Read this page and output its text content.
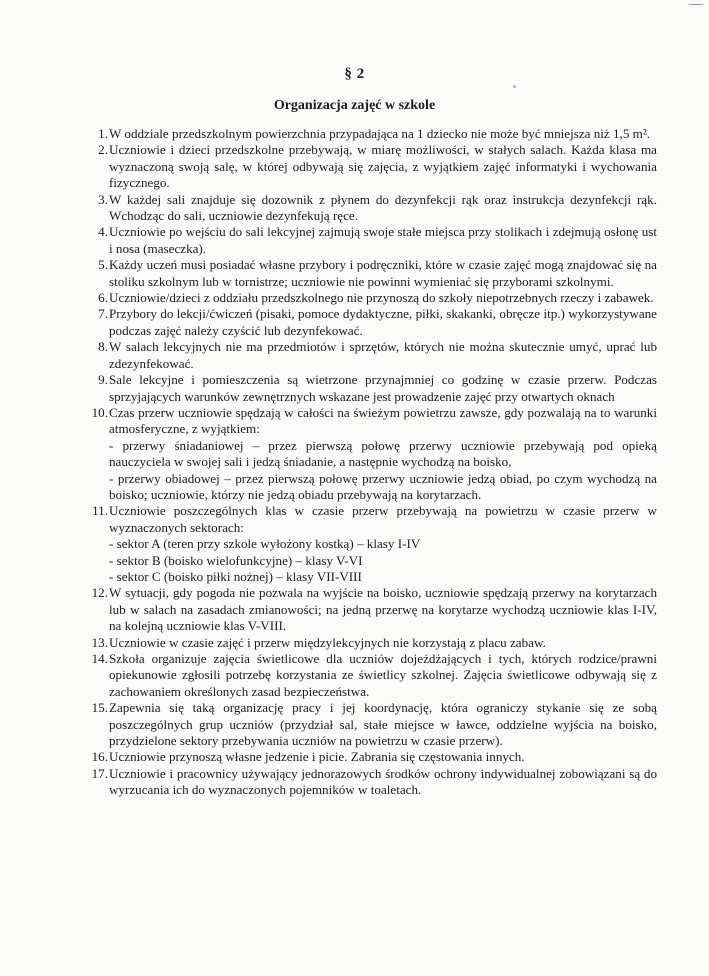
§ 2
Organizacja zajęć w szkole
1. W oddziale przedszkolnym powierzchnia przypadająca na 1 dziecko nie może być mniejsza niż 1,5 m².
2. Uczniowie i dzieci przedszkolne przebywają, w miarę możliwości, w stałych salach. Każda klasa ma wyznaczoną swoją salę, w której odbywają się zajęcia, z wyjątkiem zajęć informatyki i wychowania fizycznego.
3. W każdej sali znajduje się dozownik z płynem do dezynfekcji rąk oraz instrukcja dezynfekcji rąk. Wchodząc do sali, uczniowie dezynfekują ręce.
4. Uczniowie po wejściu do sali lekcyjnej zajmują swoje stałe miejsca przy stolikach i zdejmują osłonę ust i nosa (maseczka).
5. Każdy uczeń musi posiadać własne przybory i podręczniki, które w czasie zajęć mogą znajdować się na stoliku szkolnym lub w tornistrze; uczniowie nie powinni wymieniać się przyborami szkolnymi.
6. Uczniowie/dzieci z oddziału przedszkolnego nie przynoszą do szkoły niepotrzebnych rzeczy i zabawek.
7. Przybory do lekcji/ćwiczeń (pisaki, pomoce dydaktyczne, piłki, skakanki, obręcze itp.) wykorzystywane podczas zajęć należy czyścić lub dezynfekować.
8. W salach lekcyjnych nie ma przedmiotów i sprzętów, których nie można skutecznie umyć, uprać lub zdezynfekować.
9. Sale lekcyjne i pomieszczenia są wietrzone przynajmniej co godzinę w czasie przerw. Podczas sprzyjających warunków zewnętrznych wskazane jest prowadzenie zajęć przy otwartych oknach
10. Czas przerw uczniowie spędzają w całości na świeżym powietrzu zawsze, gdy pozwalają na to warunki atmosferyczne, z wyjątkiem:
- przerwy śniadaniowej – przez pierwszą połowę przerwy uczniowie przebywają pod opieką nauczyciela w swojej sali i jedzą śniadanie, a następnie wychodzą na boisko,
- przerwy obiadowej – przez pierwszą połowę przerwy uczniowie jedzą obiad, po czym wychodzą na boisko; uczniowie, którzy nie jedzą obiadu przebywają na korytarzach.
11. Uczniowie poszczególnych klas w czasie przerw przebywają na powietrzu w czasie przerw w wyznaczonych sektorach:
- sektor A (teren przy szkole wyłożony kostką) – klasy I-IV
- sektor B (boisko wielofunkcyjne) – klasy V-VI
- sektor C (boisko piłki nożnej) – klasy VII-VIII
12. W sytuacji, gdy pogoda nie pozwala na wyjście na boisko, uczniowie spędzają przerwy na korytarzach lub w salach na zasadach zmianowości; na jedną przerwę na korytarze wychodzą uczniowie klas I-IV, na kolejną uczniowie klas V-VIII.
13. Uczniowie w czasie zajęć i przerw międzylekcyjnych nie korzystają z placu zabaw.
14. Szkoła organizuje zajęcia świetlicowe dla uczniów dojeżdżających i tych, których rodzice/prawni opiekunowie zgłosili potrzebę korzystania ze świetlicy szkolnej. Zajęcia świetlicowe odbywają się z zachowaniem określonych zasad bezpieczeństwa.
15. Zapewnia się taką organizację pracy i jej koordynację, która ograniczy stykanie się ze sobą poszczególnych grup uczniów (przydział sal, stałe miejsce w ławce, oddzielne wyjścia na boisko, przydzielone sektory przebywania uczniów na powietrzu w czasie przerw).
16. Uczniowie przynoszą własne jedzenie i picie. Zabrania się częstowania innych.
17. Uczniowie i pracownicy używający jednorazowych środków ochrony indywidualnej zobowiązani są do wyrzucania ich do wyznaczonych pojemników w toaletach.
